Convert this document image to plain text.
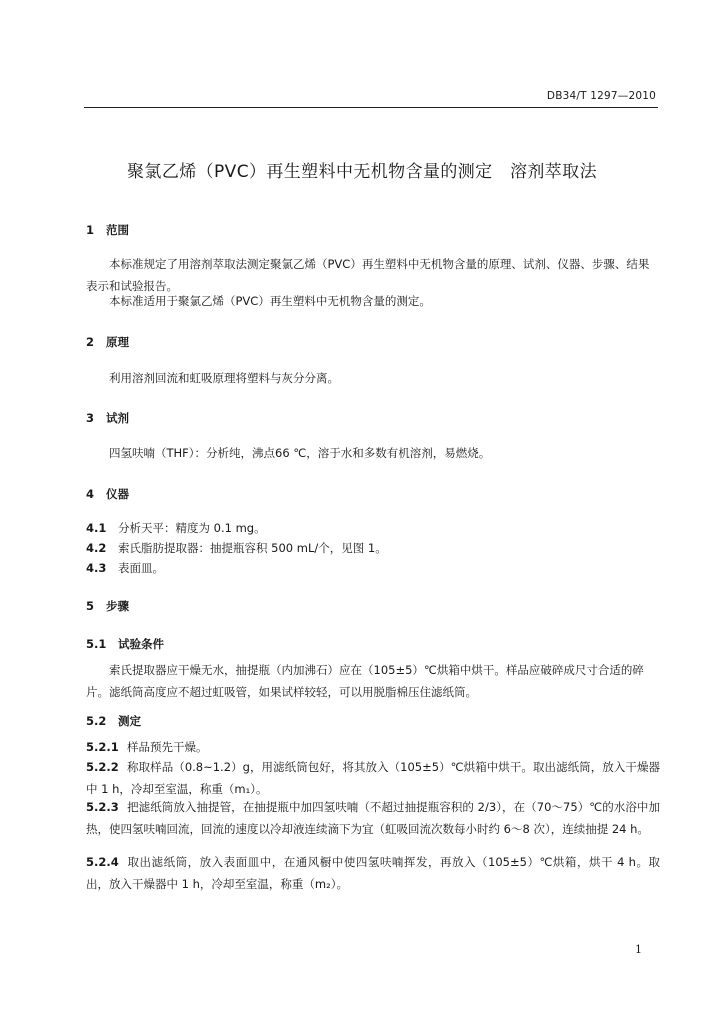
DB34/T 1297—2010
聚氯乙烯（PVC）再生塑料中无机物含量的测定　溶剂萃取法
1 范围
本标准规定了用溶剂萃取法测定聚氯乙烯（PVC）再生塑料中无机物含量的原理、试剂、仪器、步骤、结果表示和试验报告。
本标准适用于聚氯乙烯（PVC）再生塑料中无机物含量的测定。
2 原理
利用溶剂回流和虹吸原理将塑料与灰分分离。
3 试剂
四氢呋喃（THF）：分析纯，沸点66 ℃，溶于水和多数有机溶剂，易燃烧。
4 仪器
4.1 分析天平：精度为 0.1 mg。
4.2 索氏脂肪提取器：抽提瓶容积 500 mL/个，见图 1。
4.3 表面皿。
5 步骤
5.1 试验条件
索氏提取器应干燥无水，抽提瓶（内加沸石）应在（105±5）℃烘箱中烘干。样品应破碎成尺寸合适的碎片。滤纸筒高度应不超过虹吸管，如果试样较轻，可以用脱脂棉压住滤纸筒。
5.2 测定
5.2.1 样品预先干燥。
5.2.2 称取样品（0.8~1.2）g，用滤纸筒包好，将其放入（105±5）℃烘箱中烘干。取出滤纸筒，放入干燥器中 1 h，冷却至室温，称重（m₁）。
5.2.3 把滤纸筒放入抽提管，在抽提瓶中加四氢呋喃（不超过抽提瓶容积的 2/3），在（70～75）℃的水浴中加热，使四氢呋喃回流，回流的速度以冷却液连续滴下为宜（虹吸回流次数每小时约 6～8 次），连续抽提 24 h。
5.2.4 取出滤纸筒，放入表面皿中，在通风橱中使四氢呋喃挥发，再放入（105±5）℃烘箱，烘干 4 h。取出，放入干燥器中 1 h，冷却至室温，称重（m₂）。
1
